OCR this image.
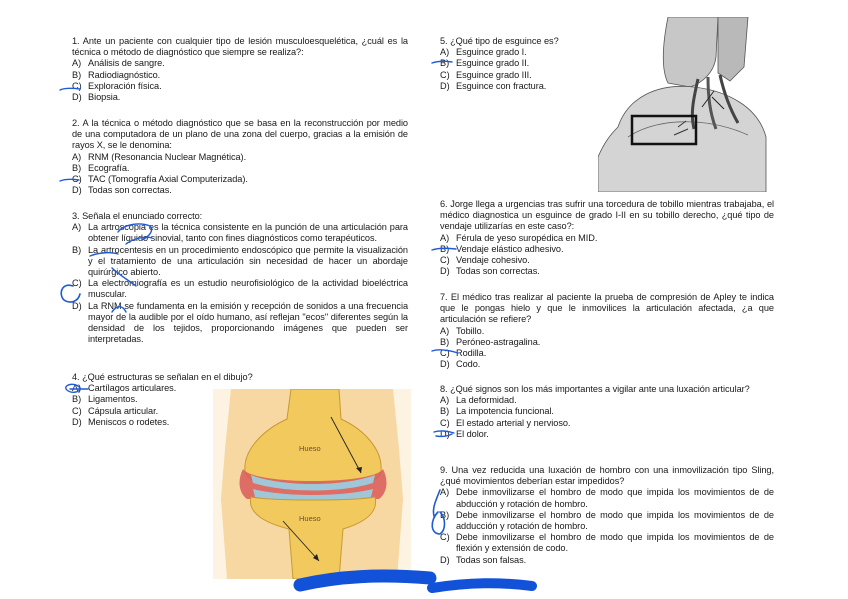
1. Ante un paciente con cualquier tipo de lesión musculoesquelética, ¿cuál es la técnica o método de diagnóstico que siempre se realiza?:

A) Análisis de sangre.

B) Radiodiagnóstico.

C) Exploración física.

D) Biopsia.

2. A la técnica o método diagnóstico que se basa en la reconstrucción por medio de una computadora de un plano de una zona del cuerpo, gracias a la emisión de rayos X, se le denomina:

A) RNM (Resonancia Nuclear Magnética).

B) Ecografía.

C) TAC (Tomografía Axial Computerizada).

D) Todas son correctas.

3. Señala el enunciado correcto:

A) La artroscopia es la técnica consistente en la punción de una articulación para obtener líquido sinovial, tanto con fines diagnósticos como terapéuticos.

B) La artrocentesis en un procedimiento endoscópico que permite la visualización y el tratamiento de una articulación sin necesidad de hacer un abordaje quirúrgico abierto.

C) La electromiografía es un estudio neurofisiológico de la actividad bioeléctrica muscular.

D) La RNM se fundamenta en la emisión y recepción de sonidos a una frecuencia mayor de la audible por el oído humano, así reflejan "ecos" diferentes según la densidad de los tejidos, proporcionando imágenes que pueden ser interpretadas.

4. ¿Qué estructuras se señalan en el dibujo?

A) Cartílagos articulares.

B) Ligamentos.

C) Cápsula articular.

D) Meniscos o rodetes.

Hueso
Hueso

5. ¿Qué tipo de esguince es?

A) Esguince grado I.

B) Esguince grado II.

C) Esguince grado III.

D) Esguince con fractura.

6. Jorge llega a urgencias tras sufrir una torcedura de tobillo mientras trabajaba, el médico diagnostica un esguince de grado I-II en su tobillo derecho, ¿qué tipo de vendaje utilizarías en este caso?:

A) Férula de yeso suropédica en MID.

B) Vendaje elástico adhesivo.

C) Vendaje cohesivo.

D) Todas son correctas.

7. El médico tras realizar al paciente la prueba de compresión de Apley te indica que le pongas hielo y que le inmovilices la articulación afectada, ¿a que articulación se refiere?

A) Tobillo.

B) Peróneo-astragalina.

C) Rodilla.

D) Codo.

8. ¿Qué signos son los más importantes a vigilar ante una luxación articular?

A) La deformidad.

B) La impotencia funcional.

C) El estado arterial y nervioso.

D) El dolor.

9. Una vez reducida una luxación de hombro con una inmovilización tipo Sling, ¿qué movimientos deberían estar impedidos?

A) Debe inmovilizarse el hombro de modo que impida los movimientos de de abducción y rotación de hombro.

B) Debe inmovilizarse el hombro de modo que impida los movimientos de de adducción y rotación de hombro.

C) Debe inmovilizarse el hombro de modo que impida los movimientos de de flexión y extensión de codo.

D) Todas son falsas.
